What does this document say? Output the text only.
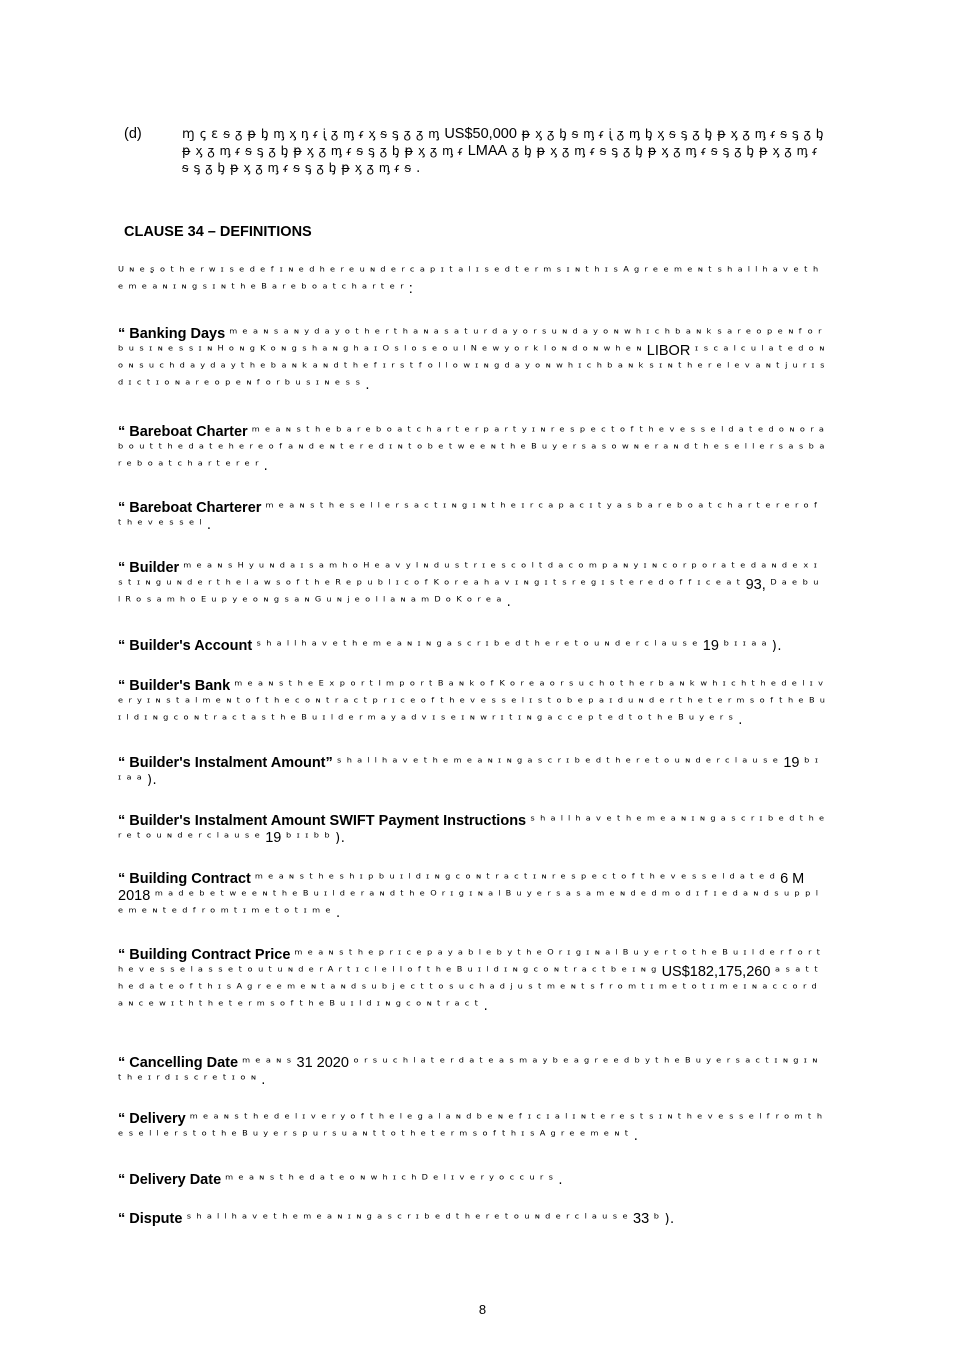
(d)	ɱ ꞔ ɛ ᵴ ᵹ ᵽ ᶀ ᶆ ᶍ ᶇ ᵳ ᶖ ᵹ ᶆ ᵳ ᶍ ᵴ ᶊ ᵹ ᵹ ᶆ US$50,000 ᵽ ᶍ ᵹ ᶀ ᵴ ᶆ ᵳ ᶖ ᵹ ᶆ ᶀ ᶍ ᵴ ᶊ ᵹ ᶀ ᵽ ᶍ ᵹ ᶆ ᵳ ᵴ ᶊ ᵹ ᶀ ᵽ ᶍ ᵹ ᶆ ᵳ ᵴ ᶊ ᵹ ᶀ ᵽ ᶍ ᵹ ᶆ ᵳ ᵴ ᶊ ᵹ ᶀ ᵽ ᶍ ᵹ ᶆ ᵳ LMAA ᵹ ᶀ ᵽ ᶍ ᵹ ᶆ ᵳ ᵴ ᶊ ᵹ ᶀ ᵽ ᶍ ᵹ ᶆ ᵳ ᵴ ᶊ ᵹ ᶀ ᵽ ᶍ ᵹ ᶆ ᵳ ᵴ ᶊ ᵹ ᶀ ᵽ ᶍ ᵹ ᶆ ᵳ ᵴ ᶊ ᵹ ᶀ ᵽ ᶍ ᵹ ᶆ ᵳ ᵴ .
CLAUSE 34 – DEFINITIONS
ᵁ ᶰ ᵉ ᶳ ᵒ ᵗ ʰ ᵉ ʳ ʷ ᶦ ˢ ᵉ ᵈ ᵉ ᶠ ᶦ ᶰ ᵉ ᵈ ʰ ᵉ ʳ ᵉ ᵘ ᶰ ᵈ ᵉ ʳ ᶜ ᵃ ᵖ ᶦ ᵗ ᵃ ˡ ᶦ ˢ ᵉ ᵈ ᵗ ᵉ ʳ ᵐ ˢ ᶦ ᶰ ᵗ ʰ ᶦ ˢ ᴬ ᵍ ʳ ᵉ ᵉ ᵐ ᵉ ᶰ ᵗ ˢ ʰ ᵃ ˡ ˡ ʰ ᵃ ᵛ ᵉ ᵗ ʰ ᵉ ᵐ ᵉ ᵃ ᶰ ᶦ ᶰ ᵍ ˢ ᶦ ᶰ ᵗ ʰ ᵉ ᴮ ᵃ ʳ ᵉ ᵇ ᵒ ᵃ ᵗ ᶜ ʰ ᵃ ʳ ᵗ ᵉ ʳ :
“ Banking Days ᵐ ᵉ ᵃ ᶰ ˢ ᵃ ᶰ ʸ ᵈ ᵃ ʸ ᵒ ᵗ ʰ ᵉ ʳ ᵗ ʰ ᵃ ᶰ ᵃ ˢ ᵃ ᵗ ᵘ ʳ ᵈ ᵃ ʸ ᵒ ʳ ˢ ᵘ ᶰ ᵈ ᵃ ʸ ᵒ ᶰ ʷ ʰ ᶦ ᶜ ʰ ᵇ ᵃ ᶰ ᵏ ˢ ᵃ ʳ ᵉ ᵒ ᵖ ᵉ ᶰ ᶠ ᵒ ʳ ᵇ ᵘ ˢ ᶦ ᶰ ᵉ ˢ ˢ ᶦ ᶰ ᴴ ᵒ ᶰ ᵍ ᴷ ᵒ ᶰ ᵍ ˢ ʰ ᵃ ᶰ ᵍ ʰ ᵃ ᶦ ᴼ ˢ ˡ ᵒ ˢ ᵉ ᵒ ᵘ ˡ ᴺ ᵉ ʷ ʸ ᵒ ʳ ᵏ ˡ ᵒ ᶰ ᵈ ᵒ ᶰ ʷ ʰ ᵉ ᶰ LIBOR ᶦ ˢ ᶜ ᵃ ˡ ᶜ ᵘ ˡ ᵃ ᵗ ᵉ ᵈ ᵒ ᶰ ᵒ ᶰ ˢ ᵘ ᶜ ʰ ᵈ ᵃ ʸ ᵈ ᵃ ʸ ᵗ ʰ ᵉ ᵇ ᵃ ᶰ ᵏ ᵃ ᶰ ᵈ ᵗ ʰ ᵉ ᶠ ᶦ ʳ ˢ ᵗ ᶠ ᵒ ˡ ˡ ᵒ ʷ ᶦ ᶰ ᵍ ᵈ ᵃ ʸ ᵒ ᶰ ʷ ʰ ᶦ ᶜ ʰ ᵇ ᵃ ᶰ ᵏ ˢ ᶦ ᶰ ᵗ ʰ ᵉ ʳ ᵉ ˡ ᵉ ᵛ ᵃ ᶰ ᵗ ʲ ᵘ ʳ ᶦ ˢ ᵈ ᶦ ᶜ ᵗ ᶦ ᵒ ᶰ ᵃ ʳ ᵉ ᵒ ᵖ ᵉ ᶰ ᶠ ᵒ ʳ ᵇ ᵘ ˢ ᶦ ᶰ ᵉ ˢ ˢ .
“ Bareboat Charter ᵐ ᵉ ᵃ ᶰ ˢ ᵗ ʰ ᵉ ᵇ ᵃ ʳ ᵉ ᵇ ᵒ ᵃ ᵗ ᶜ ʰ ᵃ ʳ ᵗ ᵉ ʳ ᵖ ᵃ ʳ ᵗ ʸ ᶦ ᶰ ʳ ᵉ ˢ ᵖ ᵉ ᶜ ᵗ ᵒ ᶠ ᵗ ʰ ᵉ ᵛ ᵉ ˢ ˢ ᵉ ˡ ᵈ ᵃ ᵗ ᵉ ᵈ ᵒ ᶰ ᵒ ʳ ᵃ ᵇ ᵒ ᵘ ᵗ ᵗ ʰ ᵉ ᵈ ᵃ ᵗ ᵉ ʰ ᵉ ʳ ᵉ ᵒ ᶠ ᵃ ᶰ ᵈ ᵉ ᶰ ᵗ ᵉ ʳ ᵉ ᵈ ᶦ ᶰ ᵗ ᵒ ᵇ ᵉ ᵗ ʷ ᵉ ᵉ ᶰ ᵗ ʰ ᵉ ᴮ ᵘ ʸ ᵉ ʳ ˢ ᵃ ˢ ᵒ ʷ ᶰ ᵉ ʳ ᵃ ᶰ ᵈ ᵗ ʰ ᵉ ˢ ᵉ ˡ ˡ ᵉ ʳ ˢ ᵃ ˢ ᵇ ᵃ ʳ ᵉ ᵇ ᵒ ᵃ ᵗ ᶜ ʰ ᵃ ʳ ᵗ ᵉ ʳ ᵉ ʳ .
“ Bareboat Charterer ᵐ ᵉ ᵃ ᶰ ˢ ᵗ ʰ ᵉ ˢ ᵉ ˡ ˡ ᵉ ʳ ˢ ᵃ ᶜ ᵗ ᶦ ᶰ ᵍ ᶦ ᶰ ᵗ ʰ ᵉ ᶦ ʳ ᶜ ᵃ ᵖ ᵃ ᶜ ᶦ ᵗ ʸ ᵃ ˢ ᵇ ᵃ ʳ ᵉ ᵇ ᵒ ᵃ ᵗ ᶜ ʰ ᵃ ʳ ᵗ ᵉ ʳ ᵉ ʳ ᵒ ᶠ ᵗ ʰ ᵉ ᵛ ᵉ ˢ ˢ ᵉ ˡ .
“ Builder ᵐ ᵉ ᵃ ᶰ ˢ ᴴ ʸ ᵘ ᶰ ᵈ ᵃ ᶦ ˢ ᵃ ᵐ ʰ ᵒ ᴴ ᵉ ᵃ ᵛ ʸ ᴵ ᶰ ᵈ ᵘ ˢ ᵗ ʳ ᶦ ᵉ ˢ ᶜ ᵒ ˡ ᵗ ᵈ ᵃ ᶜ ᵒ ᵐ ᵖ ᵃ ᶰ ʸ ᶦ ᶰ ᶜ ᵒ ʳ ᵖ ᵒ ʳ ᵃ ᵗ ᵉ ᵈ ᵃ ᶰ ᵈ ᵉ ˣ ᶦ ˢ ᵗ ᶦ ᶰ ᵍ ᵘ ᶰ ᵈ ᵉ ʳ ᵗ ʰ ᵉ ˡ ᵃ ʷ ˢ ᵒ ᶠ ᵗ ʰ ᵉ ᴿ ᵉ ᵖ ᵘ ᵇ ˡ ᶦ ᶜ ᵒ ᶠ ᴷ ᵒ ʳ ᵉ ᵃ ʰ ᵃ ᵛ ᶦ ᶰ ᵍ ᶦ ᵗ ˢ ʳ ᵉ ᵍ ᶦ ˢ ᵗ ᵉ ʳ ᵉ ᵈ ᵒ ᶠ ᶠ ᶦ ᶜ ᵉ ᵃ ᵗ 93, ᴰ ᵃ ᵉ ᵇ ᵘ ˡ ᴿ ᵒ ˢ ᵃ ᵐ ʰ ᵒ ᴱ ᵘ ᵖ ʸ ᵉ ᵒ ᶰ ᵍ ˢ ᵃ ᶰ ᴳ ᵘ ᶰ ʲ ᵉ ᵒ ˡ ˡ ᵃ ᶰ ᵃ ᵐ ᴰ ᵒ ᴷ ᵒ ʳ ᵉ ᵃ .
“ Builder's Account ˢ ʰ ᵃ ˡ ˡ ʰ ᵃ ᵛ ᵉ ᵗ ʰ ᵉ ᵐ ᵉ ᵃ ᶰ ᶦ ᶰ ᵍ ᵃ ˢ ᶜ ʳ ᶦ ᵇ ᵉ ᵈ ᵗ ʰ ᵉ ʳ ᵉ ᵗ ᵒ ᵘ ᶰ ᵈ ᵉ ʳ ᶜ ˡ ᵃ ᵘ ˢ ᵉ 19 ᵇ ᶦ ᶦ ᵃ ᵃ ).
“ Builder's Bank ᵐ ᵉ ᵃ ᶰ ˢ ᵗ ʰ ᵉ ᴱ ˣ ᵖ ᵒ ʳ ᵗ ᴵ ᵐ ᵖ ᵒ ʳ ᵗ ᴮ ᵃ ᶰ ᵏ ᵒ ᶠ ᴷ ᵒ ʳ ᵉ ᵃ ᵒ ʳ ˢ ᵘ ᶜ ʰ ᵒ ᵗ ʰ ᵉ ʳ ᵇ ᵃ ᶰ ᵏ ʷ ʰ ᶦ ᶜ ʰ ᵗ ʰ ᵉ ᵈ ᵉ ˡ ᶦ ᵛ ᵉ ʳ ʸ ᶦ ᶰ ˢ ᵗ ᵃ ˡ ᵐ ᵉ ᶰ ᵗ ᵒ ᶠ ᵗ ʰ ᵉ ᶜ ᵒ ᶰ ᵗ ʳ ᵃ ᶜ ᵗ ᵖ ʳ ᶦ ᶜ ᵉ ᵒ ᶠ ᵗ ʰ ᵉ ᵛ ᵉ ˢ ˢ ᵉ ˡ ᶦ ˢ ᵗ ᵒ ᵇ ᵉ ᵖ ᵃ ᶦ ᵈ ᵘ ᶰ ᵈ ᵉ ʳ ᵗ ʰ ᵉ ᵗ ᵉ ʳ ᵐ ˢ ᵒ ᶠ ᵗ ʰ ᵉ ᴮ ᵘ ᶦ ˡ ᵈ ᶦ ᶰ ᵍ ᶜ ᵒ ᶰ ᵗ ʳ ᵃ ᶜ ᵗ ᵃ ˢ ᵗ ʰ ᵉ ᴮ ᵘ ᶦ ˡ ᵈ ᵉ ʳ ᵐ ᵃ ʸ ᵃ ᵈ ᵛ ᶦ ˢ ᵉ ᶦ ᶰ ʷ ʳ ᶦ ᵗ ᶦ ᶰ ᵍ ᵃ ᶜ ᶜ ᵉ ᵖ ᵗ ᵉ ᵈ ᵗ ᵒ ᵗ ʰ ᵉ ᴮ ᵘ ʸ ᵉ ʳ ˢ .
“ Builder's Instalment Amount” ˢ ʰ ᵃ ˡ ˡ ʰ ᵃ ᵛ ᵉ ᵗ ʰ ᵉ ᵐ ᵉ ᵃ ᶰ ᶦ ᶰ ᵍ ᵃ ˢ ᶜ ʳ ᶦ ᵇ ᵉ ᵈ ᵗ ʰ ᵉ ʳ ᵉ ᵗ ᵒ ᵘ ᶰ ᵈ ᵉ ʳ ᶜ ˡ ᵃ ᵘ ˢ ᵉ 19 ᵇ ᶦ ᶦ ᵃ ᵃ ).
“ Builder's Instalment Amount SWIFT Payment Instructions ˢ ʰ ᵃ ˡ ˡ ʰ ᵃ ᵛ ᵉ ᵗ ʰ ᵉ ᵐ ᵉ ᵃ ᶰ ᶦ ᶰ ᵍ ᵃ ˢ ᶜ ʳ ᶦ ᵇ ᵉ ᵈ ᵗ ʰ ᵉ ʳ ᵉ ᵗ ᵒ ᵘ ᶰ ᵈ ᵉ ʳ ᶜ ˡ ᵃ ᵘ ˢ ᵉ 19 ᵇ ᶦ ᶦ ᵇ ᵇ ).
“ Building Contract ᵐ ᵉ ᵃ ᶰ ˢ ᵗ ʰ ᵉ ˢ ʰ ᶦ ᵖ ᵇ ᵘ ᶦ ˡ ᵈ ᶦ ᶰ ᵍ ᶜ ᵒ ᶰ ᵗ ʳ ᵃ ᶜ ᵗ ᶦ ᶰ ʳ ᵉ ˢ ᵖ ᵉ ᶜ ᵗ ᵒ ᶠ ᵗ ʰ ᵉ ᵛ ᵉ ˢ ˢ ᵉ ˡ ᵈ ᵃ ᵗ ᵉ ᵈ 6 M 2018 ᵐ ᵃ ᵈ ᵉ ᵇ ᵉ ᵗ ʷ ᵉ ᵉ ᶰ ᵗ ʰ ᵉ ᴮ ᵘ ᶦ ˡ ᵈ ᵉ ʳ ᵃ ᶰ ᵈ ᵗ ʰ ᵉ ᴼ ʳ ᶦ ᵍ ᶦ ᶰ ᵃ ˡ ᴮ ᵘ ʸ ᵉ ʳ ˢ ᵃ ˢ ᵃ ᵐ ᵉ ᶰ ᵈ ᵉ ᵈ ᵐ ᵒ ᵈ ᶦ ᶠ ᶦ ᵉ ᵈ ᵃ ᶰ ᵈ ˢ ᵘ ᵖ ᵖ ˡ ᵉ ᵐ ᵉ ᶰ ᵗ ᵉ ᵈ ᶠ ʳ ᵒ ᵐ ᵗ ᶦ ᵐ ᵉ ᵗ ᵒ ᵗ ᶦ ᵐ ᵉ .
“ Building Contract Price ᵐ ᵉ ᵃ ᶰ ˢ ᵗ ʰ ᵉ ᵖ ʳ ᶦ ᶜ ᵉ ᵖ ᵃ ʸ ᵃ ᵇ ˡ ᵉ ᵇ ʸ ᵗ ʰ ᵉ ᴼ ʳ ᶦ ᵍ ᶦ ᶰ ᵃ ˡ ᴮ ᵘ ʸ ᵉ ʳ ᵗ ᵒ ᵗ ʰ ᵉ ᴮ ᵘ ᶦ ˡ ᵈ ᵉ ʳ ᶠ ᵒ ʳ ᵗ ʰ ᵉ ᵛ ᵉ ˢ ˢ ᵉ ˡ ᵃ ˢ ˢ ᵉ ᵗ ᵒ ᵘ ᵗ ᵘ ᶰ ᵈ ᵉ ʳ ᴬ ʳ ᵗ ᶦ ᶜ ˡ ᵉ ᴵ ᴵ ᵒ ᶠ ᵗ ʰ ᵉ ᴮ ᵘ ᶦ ˡ ᵈ ᶦ ᶰ ᵍ ᶜ ᵒ ᶰ ᵗ ʳ ᵃ ᶜ ᵗ ᵇ ᵉ ᶦ ᶰ ᵍ US$182,175,260 ᵃ ˢ ᵃ ᵗ ᵗ ʰ ᵉ ᵈ ᵃ ᵗ ᵉ ᵒ ᶠ ᵗ ʰ ᶦ ˢ ᴬ ᵍ ʳ ᵉ ᵉ ᵐ ᵉ ᶰ ᵗ ᵃ ᶰ ᵈ ˢ ᵘ ᵇ ʲ ᵉ ᶜ ᵗ ᵗ ᵒ ˢ ᵘ ᶜ ʰ ᵃ ᵈ ʲ ᵘ ˢ ᵗ ᵐ ᵉ ᶰ ᵗ ˢ ᶠ ʳ ᵒ ᵐ ᵗ ᶦ ᵐ ᵉ ᵗ ᵒ ᵗ ᶦ ᵐ ᵉ ᶦ ᶰ ᵃ ᶜ ᶜ ᵒ ʳ ᵈ ᵃ ᶰ ᶜ ᵉ ʷ ᶦ ᵗ ʰ ᵗ ʰ ᵉ ᵗ ᵉ ʳ ᵐ ˢ ᵒ ᶠ ᵗ ʰ ᵉ ᴮ ᵘ ᶦ ˡ ᵈ ᶦ ᶰ ᵍ ᶜ ᵒ ᶰ ᵗ ʳ ᵃ ᶜ ᵗ .
“ Cancelling Date ᵐ ᵉ ᵃ ᶰ ˢ 31 2020 ᵒ ʳ ˢ ᵘ ᶜ ʰ ˡ ᵃ ᵗ ᵉ ʳ ᵈ ᵃ ᵗ ᵉ ᵃ ˢ ᵐ ᵃ ʸ ᵇ ᵉ ᵃ ᵍ ʳ ᵉ ᵉ ᵈ ᵇ ʸ ᵗ ʰ ᵉ ᴮ ᵘ ʸ ᵉ ʳ ˢ ᵃ ᶜ ᵗ ᶦ ᶰ ᵍ ᶦ ᶰ ᵗ ʰ ᵉ ᶦ ʳ ᵈ ᶦ ˢ ᶜ ʳ ᵉ ᵗ ᶦ ᵒ ᶰ .
“ Delivery ᵐ ᵉ ᵃ ᶰ ˢ ᵗ ʰ ᵉ ᵈ ᵉ ˡ ᶦ ᵛ ᵉ ʳ ʸ ᵒ ᶠ ᵗ ʰ ᵉ ˡ ᵉ ᵍ ᵃ ˡ ᵃ ᶰ ᵈ ᵇ ᵉ ᶰ ᵉ ᶠ ᶦ ᶜ ᶦ ᵃ ˡ ᶦ ᶰ ᵗ ᵉ ʳ ᵉ ˢ ᵗ ˢ ᶦ ᶰ ᵗ ʰ ᵉ ᵛ ᵉ ˢ ˢ ᵉ ˡ ᶠ ʳ ᵒ ᵐ ᵗ ʰ ᵉ ˢ ᵉ ˡ ˡ ᵉ ʳ ˢ ᵗ ᵒ ᵗ ʰ ᵉ ᴮ ᵘ ʸ ᵉ ʳ ˢ ᵖ ᵘ ʳ ˢ ᵘ ᵃ ᶰ ᵗ ᵗ ᵒ ᵗ ʰ ᵉ ᵗ ᵉ ʳ ᵐ ˢ ᵒ ᶠ ᵗ ʰ ᶦ ˢ ᴬ ᵍ ʳ ᵉ ᵉ ᵐ ᵉ ᶰ ᵗ .
“ Delivery Date ᵐ ᵉ ᵃ ᶰ ˢ ᵗ ʰ ᵉ ᵈ ᵃ ᵗ ᵉ ᵒ ᶰ ʷ ʰ ᶦ ᶜ ʰ ᴰ ᵉ ˡ ᶦ ᵛ ᵉ ʳ ʸ ᵒ ᶜ ᶜ ᵘ ʳ ˢ .
“ Dispute ˢ ʰ ᵃ ˡ ˡ ʰ ᵃ ᵛ ᵉ ᵗ ʰ ᵉ ᵐ ᵉ ᵃ ᶰ ᶦ ᶰ ᵍ ᵃ ˢ ᶜ ʳ ᶦ ᵇ ᵉ ᵈ ᵗ ʰ ᵉ ʳ ᵉ ᵗ ᵒ ᵘ ᶰ ᵈ ᵉ ʳ ᶜ ˡ ᵃ ᵘ ˢ ᵉ 33 ᵇ ).
8
